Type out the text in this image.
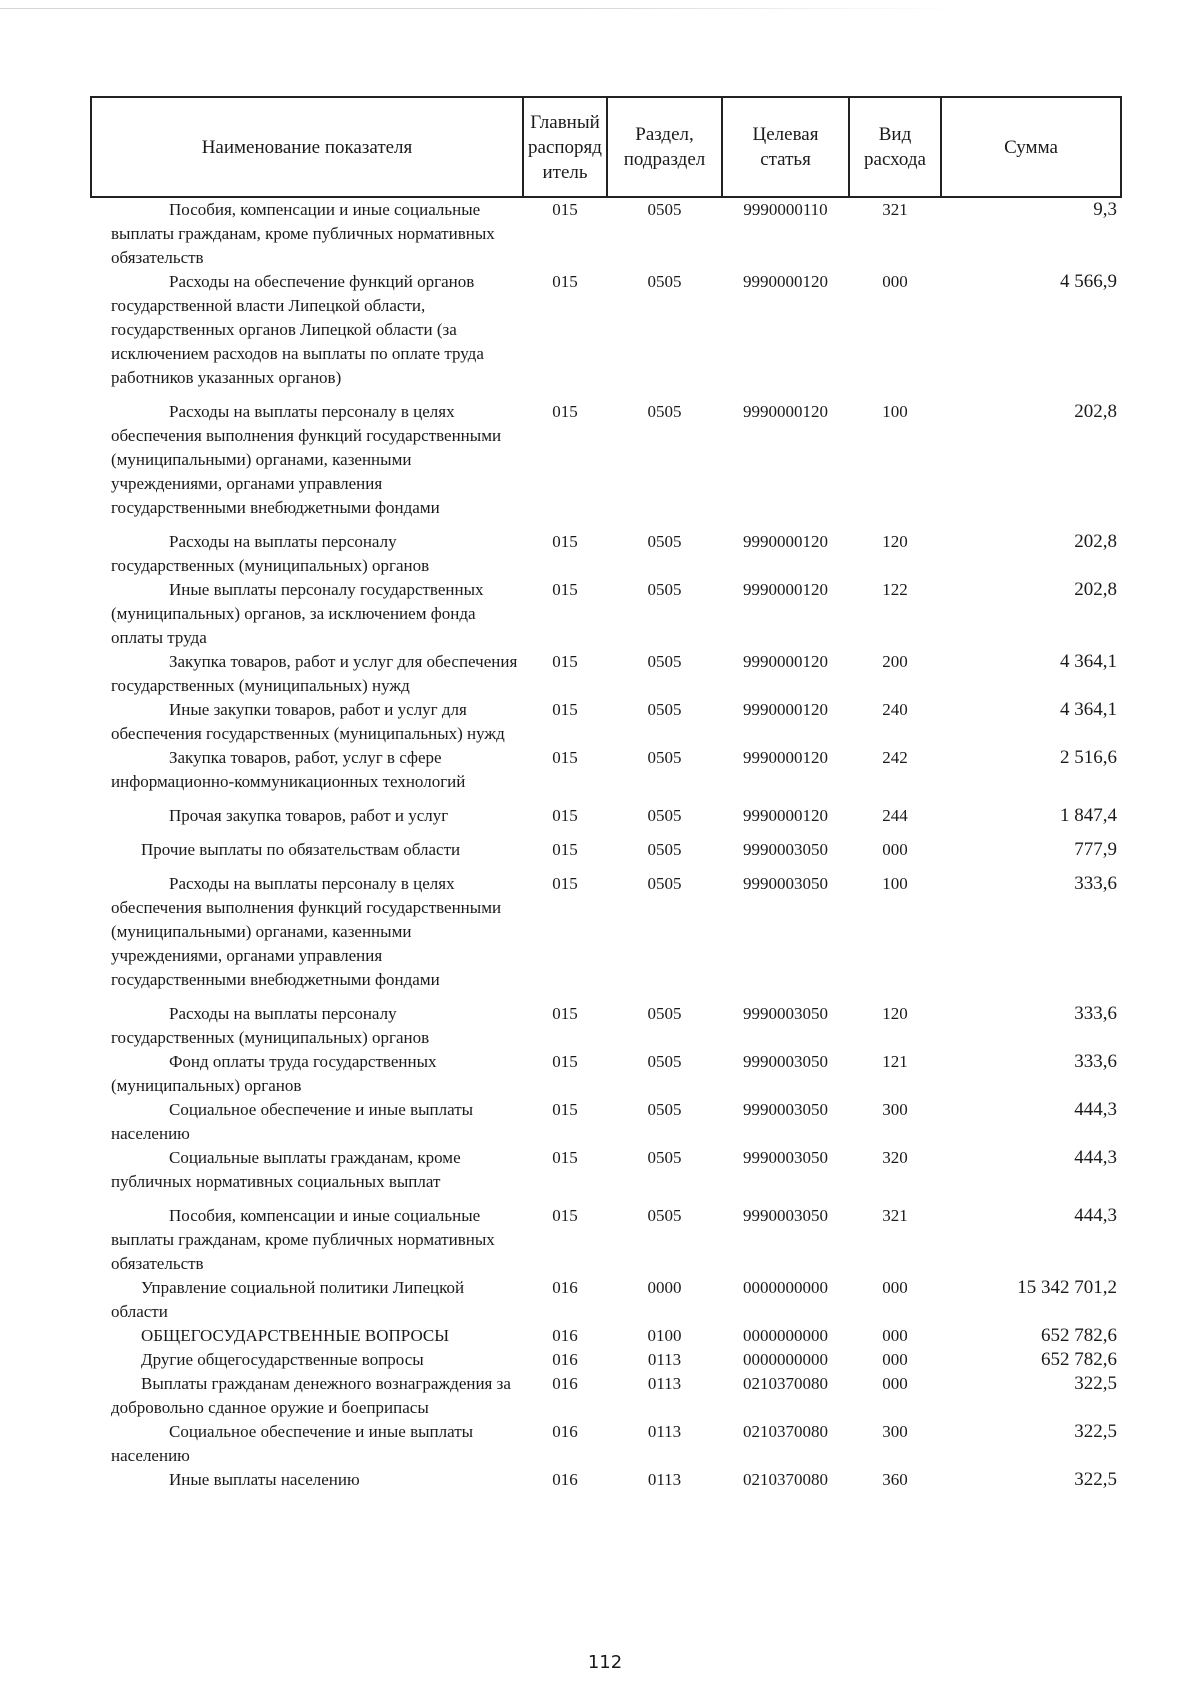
Наименование показателя	Главный распоряд итель	Раздел, подраздел	Целевая статья	Вид расхода	Сумма
Пособия, компенсации и иные социальные выплаты гражданам, кроме публичных нормативных обязательств	015	0505	9990000110	321	9,3
Расходы на обеспечение функций органов государственной власти Липецкой области, государственных органов Липецкой области (за исключением расходов на выплаты по оплате труда работников указанных органов)	015	0505	9990000120	000	4 566,9
Расходы на выплаты персоналу в целях обеспечения выполнения функций государственными (муниципальными) органами, казенными учреждениями, органами управления государственными внебюджетными фондами	015	0505	9990000120	100	202,8
Расходы на выплаты персоналу государственных (муниципальных) органов	015	0505	9990000120	120	202,8
Иные выплаты персоналу государственных (муниципальных) органов, за исключением фонда оплаты труда	015	0505	9990000120	122	202,8
Закупка товаров, работ и услуг для обеспечения государственных (муниципальных) нужд	015	0505	9990000120	200	4 364,1
Иные закупки товаров, работ и услуг для обеспечения государственных (муниципальных) нужд	015	0505	9990000120	240	4 364,1
Закупка товаров, работ, услуг в сфере информационно-коммуникационных технологий	015	0505	9990000120	242	2 516,6
Прочая закупка товаров, работ и услуг	015	0505	9990000120	244	1 847,4
Прочие выплаты по обязательствам области	015	0505	9990003050	000	777,9
Расходы на выплаты персоналу в целях обеспечения выполнения функций государственными (муниципальными) органами, казенными учреждениями, органами управления государственными внебюджетными фондами	015	0505	9990003050	100	333,6
Расходы на выплаты персоналу государственных (муниципальных) органов	015	0505	9990003050	120	333,6
Фонд оплаты труда государственных (муниципальных) органов	015	0505	9990003050	121	333,6
Социальное обеспечение и иные выплаты населению	015	0505	9990003050	300	444,3
Социальные выплаты гражданам, кроме публичных нормативных социальных выплат	015	0505	9990003050	320	444,3
Пособия, компенсации и иные социальные выплаты гражданам, кроме публичных нормативных обязательств	015	0505	9990003050	321	444,3
Управление социальной политики Липецкой области	016	0000	0000000000	000	15 342 701,2
ОБЩЕГОСУДАРСТВЕННЫЕ ВОПРОСЫ	016	0100	0000000000	000	652 782,6
Другие общегосударственные вопросы	016	0113	0000000000	000	652 782,6
Выплаты гражданам денежного вознаграждения за добровольно сданное оружие и боеприпасы	016	0113	0210370080	000	322,5
Социальное обеспечение и иные выплаты населению	016	0113	0210370080	300	322,5
Иные выплаты населению	016	0113	0210370080	360	322,5
112
